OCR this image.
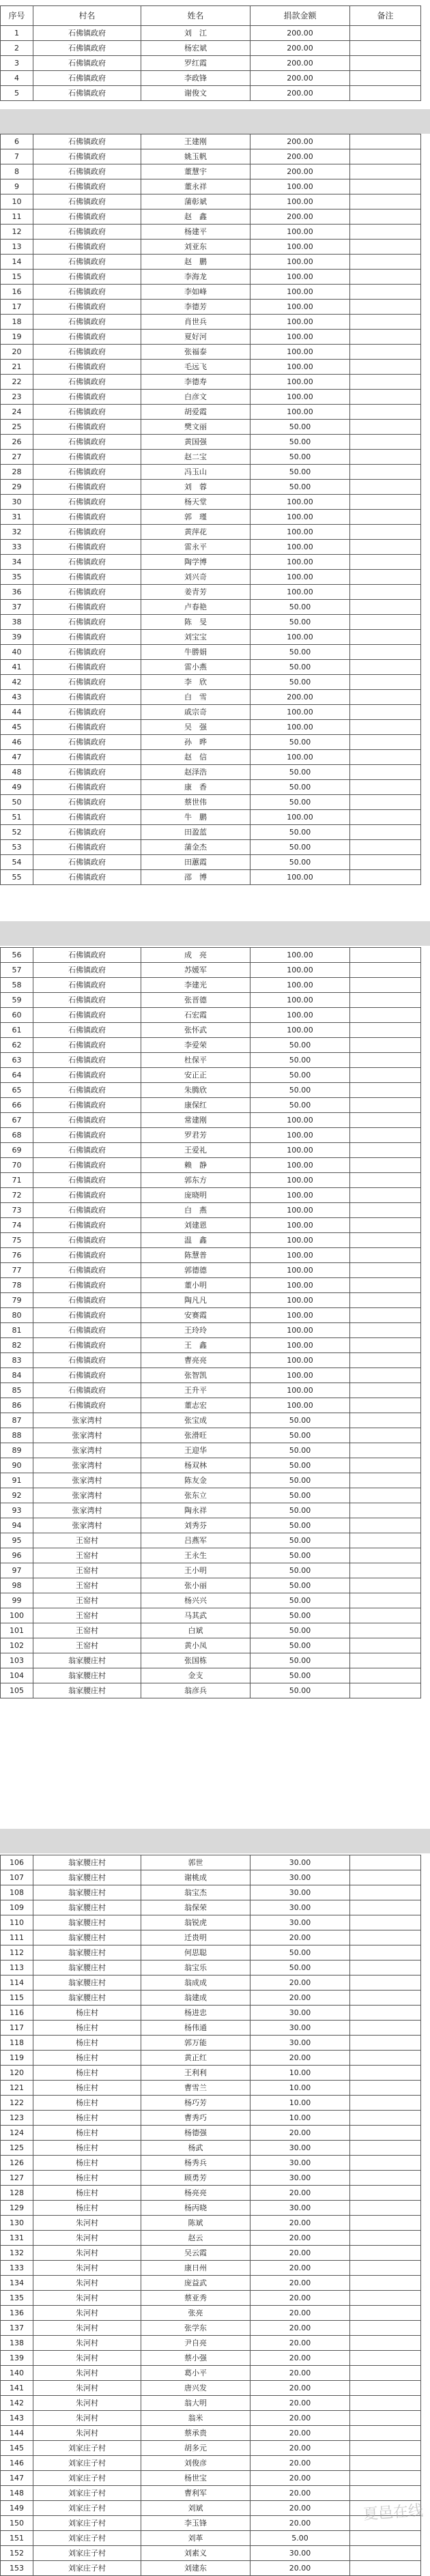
序号	村名	姓名	捐款金额	备注
1	石佛镇政府	刘　江	200.00	
2	石佛镇政府	杨宏斌	200.00	
3	石佛镇政府	罗红霞	200.00	
4	石佛镇政府	李政锋	200.00	
5	石佛镇政府	谢俊文	200.00	
6	石佛镇政府	王建刚	200.00	
7	石佛镇政府	姚玉帆	200.00	
8	石佛镇政府	董慧宇	200.00	
9	石佛镇政府	董永祥	100.00	
10	石佛镇政府	蒲彰斌	100.00	
11	石佛镇政府	赵　鑫	200.00	
12	石佛镇政府	杨建平	100.00	
13	石佛镇政府	刘亚东	100.00	
14	石佛镇政府	赵　鹏	100.00	
15	石佛镇政府	李海龙	100.00	
16	石佛镇政府	李如峰	100.00	
17	石佛镇政府	李德芳	100.00	
18	石佛镇政府	肖世兵	100.00	
19	石佛镇政府	夏好河	100.00	
20	石佛镇政府	张福泰	100.00	
21	石佛镇政府	毛远飞	100.00	
22	石佛镇政府	李德寿	100.00	
23	石佛镇政府	白彦文	100.00	
24	石佛镇政府	胡爱霞	100.00	
25	石佛镇政府	樊文丽	50.00	
26	石佛镇政府	黄国强	50.00	
27	石佛镇政府	赵二宝	50.00	
28	石佛镇政府	冯玉山	50.00	
29	石佛镇政府	刘　蓉	50.00	
30	石佛镇政府	杨天堂	100.00	
31	石佛镇政府	郭　瑾	100.00	
32	石佛镇政府	黄萍花	100.00	
33	石佛镇政府	雷永平	100.00	
34	石佛镇政府	陶学博	100.00	
35	石佛镇政府	刘兴奇	100.00	
36	石佛镇政府	姜青芳	100.00	
37	石佛镇政府	卢春艳	50.00	
38	石佛镇政府	陈　旻	50.00	
39	石佛镇政府	刘宝宝	100.00	
40	石佛镇政府	牛勝娟	50.00	
41	石佛镇政府	雷小燕	50.00	
42	石佛镇政府	李　欣	50.00	
43	石佛镇政府	白　雪	200.00	
44	石佛镇政府	戚宗奇	100.00	
45	石佛镇政府	吴　强	100.00	
46	石佛镇政府	孙　晔	50.00	
47	石佛镇政府	赵　信	100.00	
48	石佛镇政府	赵泽浩	50.00	
49	石佛镇政府	康　香	50.00	
50	石佛镇政府	蔡世伟	50.00	
51	石佛镇政府	牛　鹏	100.00	
52	石佛镇政府	田盈蓝	50.00	
53	石佛镇政府	蒲金杰	50.00	
54	石佛镇政府	田蕙霞	50.00	
55	石佛镇政府	邵　博	100.00	
56	石佛镇政府	成　亮	100.00	
57	石佛镇政府	苏媛军	100.00	
58	石佛镇政府	李建光	100.00	
59	石佛镇政府	张晋德	100.00	
60	石佛镇政府	石宏霞	100.00	
61	石佛镇政府	张怀武	100.00	
62	石佛镇政府	李爱荣	50.00	
63	石佛镇政府	杜保平	50.00	
64	石佛镇政府	安正正	50.00	
65	石佛镇政府	朱腾欣	50.00	
66	石佛镇政府	康保红	50.00	
67	石佛镇政府	常建刚	100.00	
68	石佛镇政府	罗君芳	100.00	
69	石佛镇政府	王爱礼	100.00	
70	石佛镇政府	赖　静	100.00	
71	石佛镇政府	郭东方	100.00	
72	石佛镇政府	庞晓明	100.00	
73	石佛镇政府	白　燕	100.00	
74	石佛镇政府	刘建恩	100.00	
75	石佛镇政府	温　鑫	100.00	
76	石佛镇政府	陈慧普	100.00	
77	石佛镇政府	郭德德	100.00	
78	石佛镇政府	董小明	100.00	
79	石佛镇政府	陶凡凡	100.00	
80	石佛镇政府	安赛霞	100.00	
81	石佛镇政府	王玲玲	100.00	
82	石佛镇政府	王　鑫	100.00	
83	石佛镇政府	曹亮亮	100.00	
84	石佛镇政府	张智凯	100.00	
85	石佛镇政府	王升平	100.00	
86	石佛镇政府	董志宏	100.00	
87	张家湾村	张宝成	50.00	
88	张家湾村	张滑旺	50.00	
89	张家湾村	王迎华	50.00	
90	张家湾村	杨双林	50.00	
91	张家湾村	陈友金	50.00	
92	张家湾村	张东立	50.00	
93	张家湾村	陶永祥	50.00	
94	张家湾村	刘秀芬	50.00	
95	王窑村	吕燕军	50.00	
96	王窑村	王永生	50.00	
97	王窑村	王小明	50.00	
98	王窑村	张小丽	50.00	
99	王窑村	杨兴兴	50.00	
100	王窑村	马其武	50.00	
101	王窑村	白斌	50.00	
102	王窑村	黄小凤	50.00	
103	翁家腰庄村	张国栋	50.00	
104	翁家腰庄村	金支	50.00	
105	翁家腰庄村	翁彦兵	50.00	
106	翁家腰庄村	郭世	30.00	
107	翁家腰庄村	谢桃成	30.00	
108	翁家腰庄村	翁宝杰	30.00	
109	翁家腰庄村	翁保荣	30.00	
110	翁家腰庄村	翁锐虎	30.00	
111	翁家腰庄村	迁贵明	20.00	
112	翁家腰庄村	何思聪	50.00	
113	翁家腰庄村	翁宝乐	50.00	
114	翁家腰庄村	翁成成	20.00	
115	翁家腰庄村	翁建成	20.00	
116	杨庄村	杨进忠	30.00	
117	杨庄村	杨伟通	30.00	
118	杨庄村	郭万能	30.00	
119	杨庄村	黄正红	20.00	
120	杨庄村	王利利	10.00	
121	杨庄村	曹雪兰	10.00	
122	杨庄村	杨巧芳	10.00	
123	杨庄村	曹秀巧	10.00	
124	杨庄村	杨德强	20.00	
125	杨庄村	杨武	30.00	
126	杨庄村	杨秀兵	30.00	
127	杨庄村	顾勇芳	30.00	
128	杨庄村	杨亮亮	20.00	
129	杨庄村	杨丙晓	30.00	
130	朱河村	陈斌	20.00	
131	朱河村	赵云	20.00	
132	朱河村	吴云霞	20.00	
133	朱河村	康日州	20.00	
134	朱河村	庞益武	20.00	
135	朱河村	蔡亚秀	20.00	
136	朱河村	张亮	20.00	
137	朱河村	张学东	20.00	
138	朱河村	尹自亮	20.00	
139	朱河村	蔡小强	20.00	
140	朱河村	葛小平	20.00	
141	朱河村	唐兴发	20.00	
142	朱河村	翁大明	20.00	
143	朱河村	翁米	20.00	
144	朱河村	蔡承贵	20.00	
145	刘家庄子村	胡多元	20.00	
146	刘家庄子村	刘俊彦	20.00	
147	刘家庄子村	杨世宝	20.00	
148	刘家庄子村	曹利军	20.00	
149	刘家庄子村	刘斌	20.00	
150	刘家庄子村	李玉锋	20.00	
151	刘家庄子村	刘革	5.00	
152	刘家庄子村	刘素义	30.00	
153	刘家庄子村	刘建东	20.00	
夏邑在线
